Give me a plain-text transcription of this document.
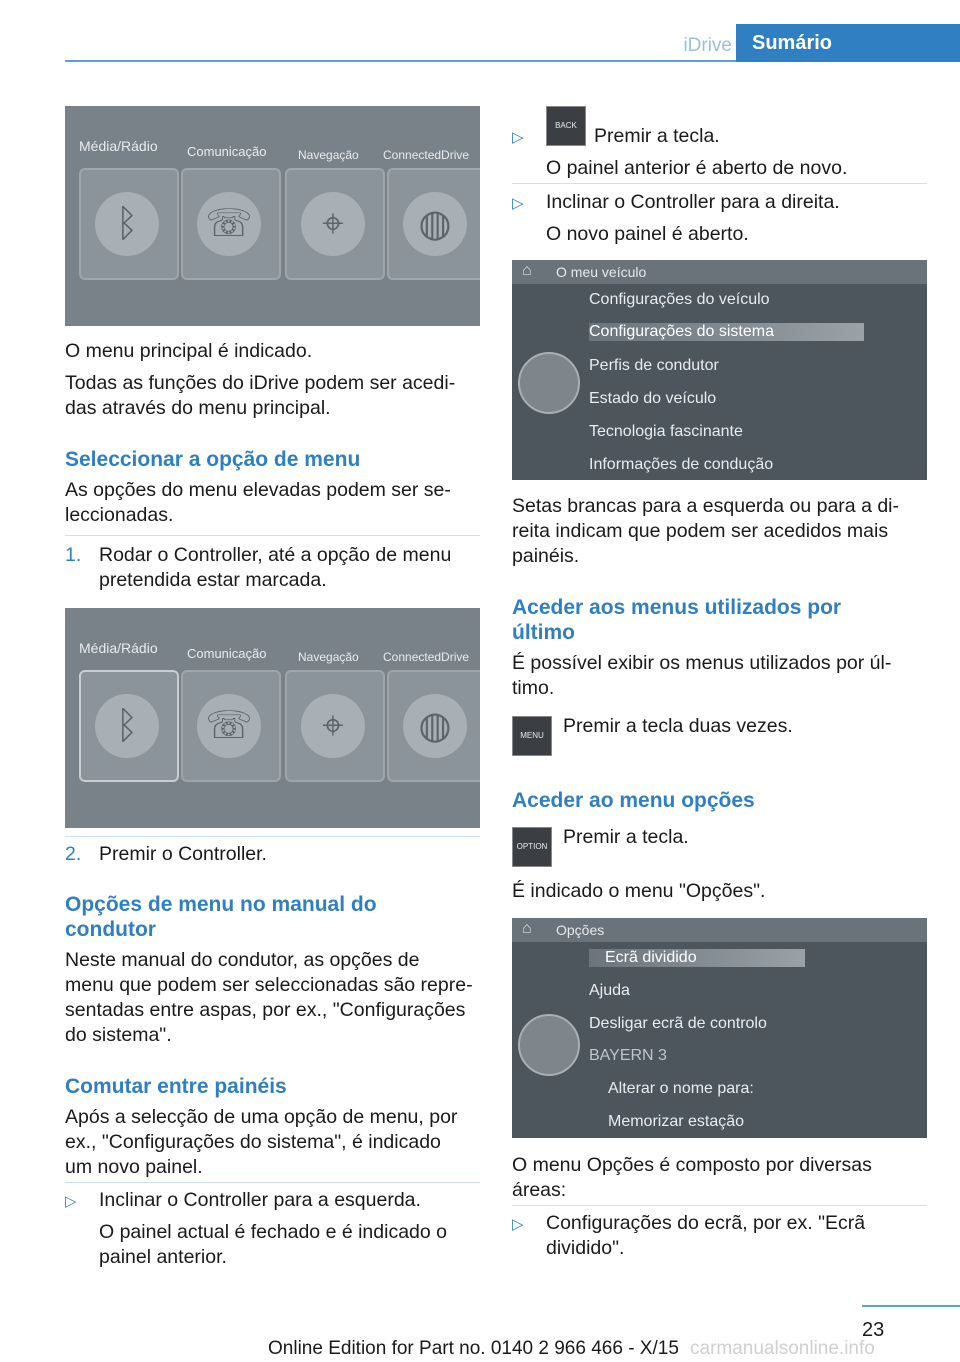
iDrive	Sumário
Média/Rádio Comunicação	Navegação ConnectedDrive
ᛒ	☏	⌖	◍

O menu principal é indicado.

Todas as funções do iDrive podem ser acedi‐

das através do menu principal.

Seleccionar a opção de menu

As opções do menu elevadas podem ser se‐

leccionadas.

1. Rodar o Controller, até a opção de menu

pretendida estar marcada.

Média/Rádio Comunicação	Navegação ConnectedDrive
ᛒ	☏	⌖	◍

2. Premir o Controller.

Opções de menu no manual do

condutor

Neste manual do condutor, as opções de

menu que podem ser seleccionadas são repre‐

sentadas entre aspas, por ex., "Configurações

do sistema".

Comutar entre painéis

Após a selecção de uma opção de menu, por

ex., "Configurações do sistema", é indicado

um novo painel.

▷ Inclinar o Controller para a esquerda.

O painel actual é fechado e é indicado o

painel anterior.

▷
BACK Premir a tecla.

O painel anterior é aberto de novo.

▷ Inclinar o Controller para a direita.

O novo painel é aberto.

⌂ O meu veículo
Configurações do veículo
Configurações do sistema
Perfis de condutor
Estado do veículo
Tecnologia fascinante
Informações de condução

Setas brancas para a esquerda ou para a di‐

reita indicam que podem ser acedidos mais

painéis.

Aceder aos menus utilizados por

último

É possível exibir os menus utilizados por úl‐

timo.

MENU Premir a tecla duas vezes.

Aceder ao menu opções

OPTION Premir a tecla.

É indicado o menu "Opções".

⌂ Opções
Ecrã dividido
Ajuda
Desligar ecrã de controlo
BAYERN 3
Alterar o nome para:
Memorizar estação

O menu Opções é composto por diversas

áreas:

▷ Configurações do ecrã, por ex. "Ecrã

dividido".

23

Online Edition for Part no. 0140 2 966 466 - X/15 carmanualsonline.info
